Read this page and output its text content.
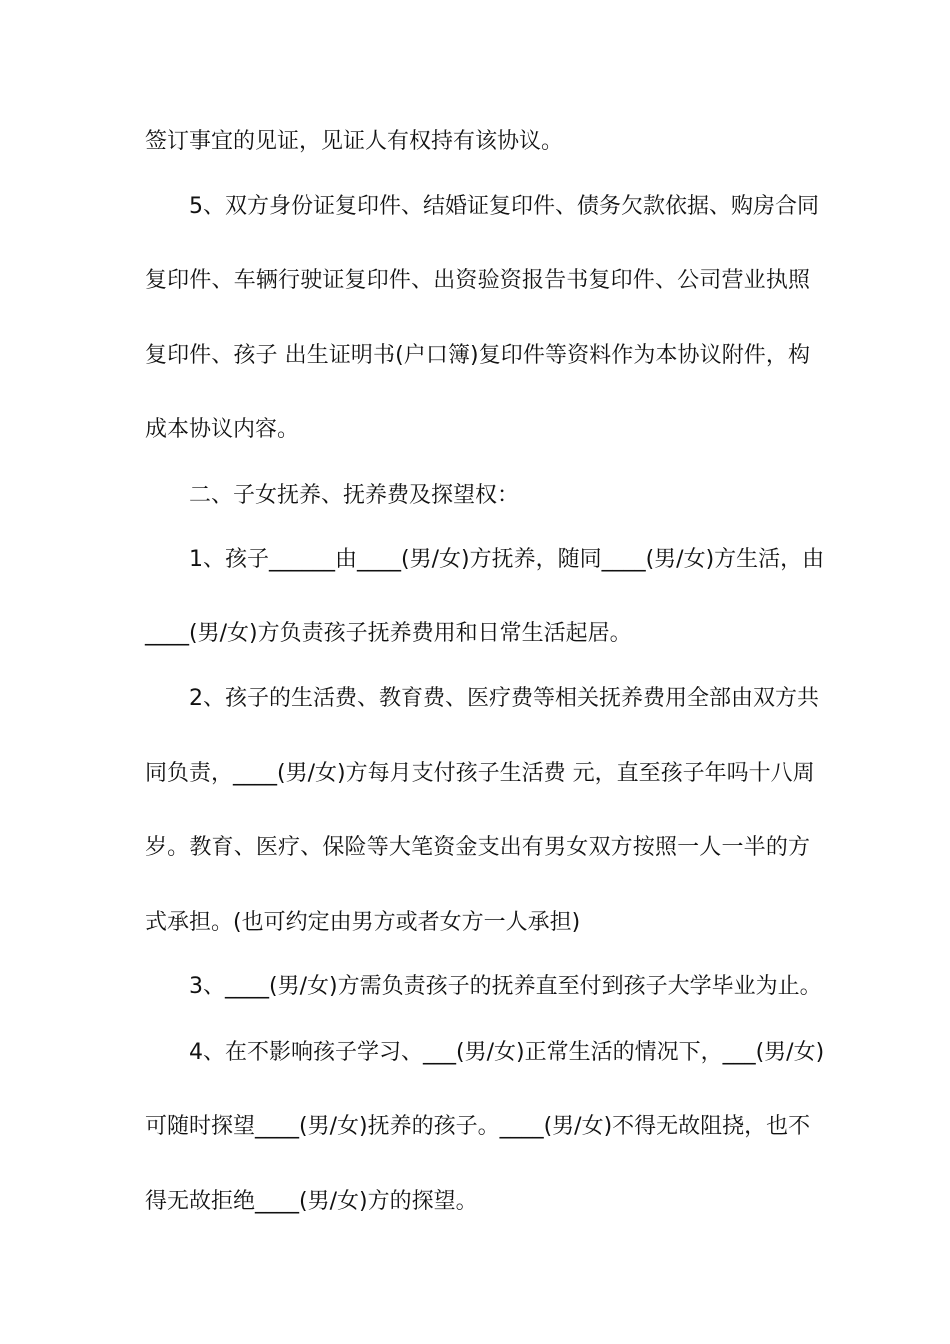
签订事宜的见证，见证人有权持有该协议。
5、双方身份证复印件、结婚证复印件、债务欠款依据、购房合同
复印件、车辆行驶证复印件、出资验资报告书复印件、公司营业执照
复印件、孩子 出生证明书(户口簿)复印件等资料作为本协议附件，构
成本协议内容。
二、子女抚养、抚养费及探望权：
1、孩子______由____(男/女)方抚养，随同____(男/女)方生活，由
____(男/女)方负责孩子抚养费用和日常生活起居。
2、孩子的生活费、教育费、医疗费等相关抚养费用全部由双方共
同负责，____(男/女)方每月支付孩子生活费 元，直至孩子年吗十八周
岁。教育、医疗、保险等大笔资金支出有男女双方按照一人一半的方
式承担。(也可约定由男方或者女方一人承担)
3、____(男/女)方需负责孩子的抚养直至付到孩子大学毕业为止。
4、在不影响孩子学习、___(男/女)正常生活的情况下，___(男/女)
可随时探望____(男/女)抚养的孩子。____(男/女)不得无故阻挠，也不
得无故拒绝____(男/女)方的探望。
